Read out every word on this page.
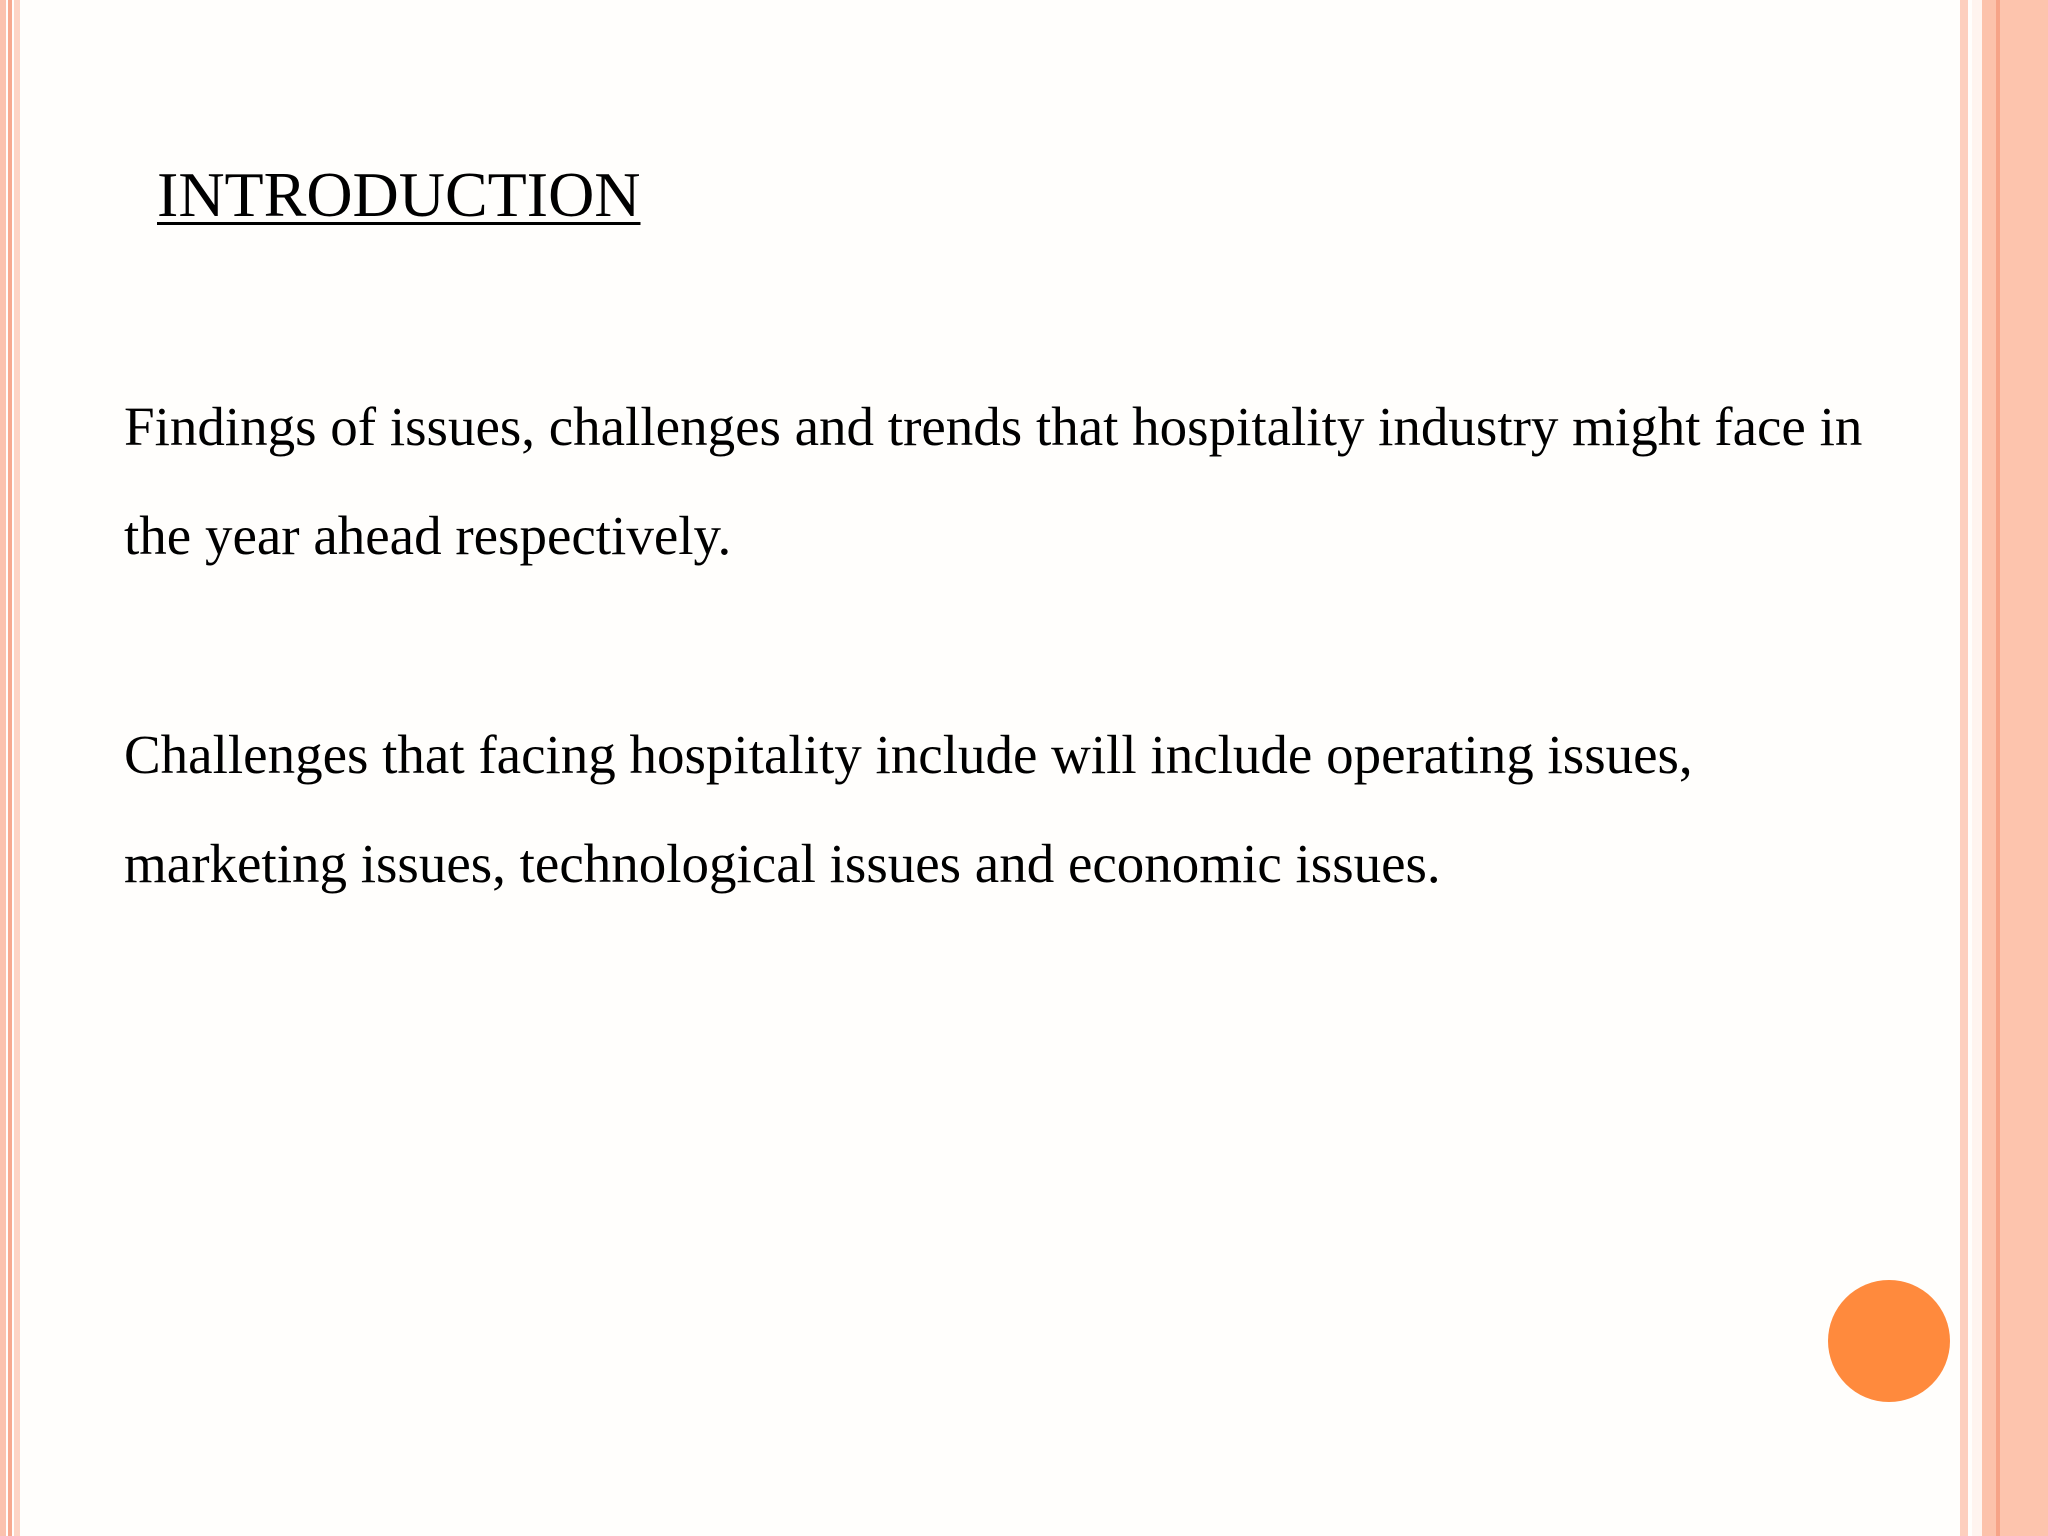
INTRODUCTION

Findings of issues, challenges and trends that hospitality industry might face in the year ahead respectively.

Challenges that facing hospitality include will include operating issues, marketing issues, technological issues and economic issues.
